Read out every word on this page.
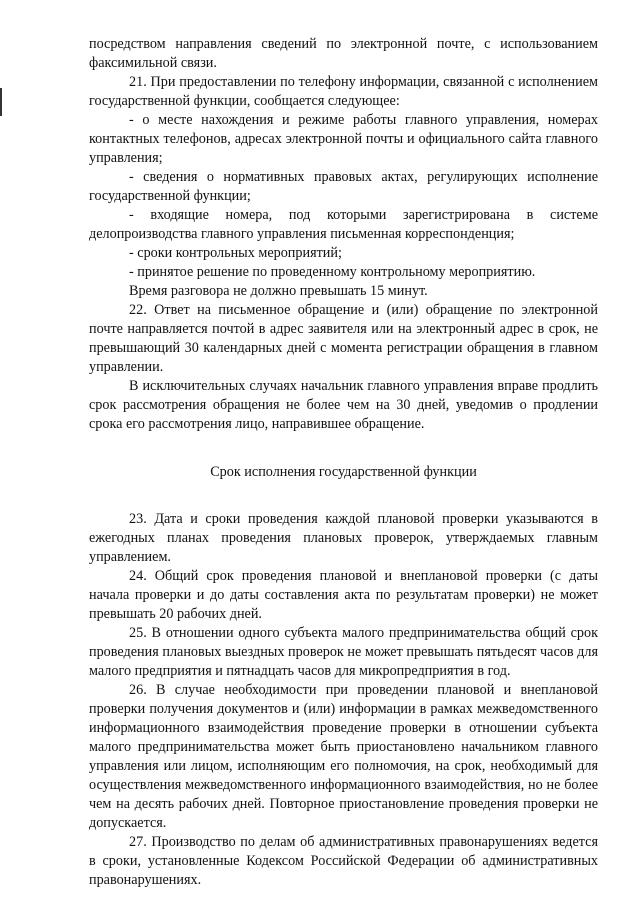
посредством направления сведений по электронной почте, с использованием факсимильной связи.

21. При предоставлении по телефону информации, связанной с исполнением государственной функции, сообщается следующее:

- о месте нахождения и режиме работы главного управления, номерах контактных телефонов, адресах электронной почты и официального сайта главного управления;

- сведения о нормативных правовых актах, регулирующих исполнение государственной функции;

- входящие номера, под которыми зарегистрирована в системе делопроизводства главного управления письменная корреспонденция;

- сроки контрольных мероприятий;

- принятое решение по проведенному контрольному мероприятию.

Время разговора не должно превышать 15 минут.

22. Ответ на письменное обращение и (или) обращение по электронной почте направляется почтой в адрес заявителя или на электронный адрес в срок, не превышающий 30 календарных дней с момента регистрации обращения в главном управлении.

В исключительных случаях начальник главного управления вправе продлить срок рассмотрения обращения не более чем на 30 дней, уведомив о продлении срока его рассмотрения лицо, направившее обращение.

Срок исполнения государственной функции

23. Дата и сроки проведения каждой плановой проверки указываются в ежегодных планах проведения плановых проверок, утверждаемых главным управлением.

24. Общий срок проведения плановой и внеплановой проверки (с даты начала проверки и до даты составления акта по результатам проверки) не может превышать 20 рабочих дней.

25. В отношении одного субъекта малого предпринимательства общий срок проведения плановых выездных проверок не может превышать пятьдесят часов для малого предприятия и пятнадцать часов для микропредприятия в год.

26. В случае необходимости при проведении плановой и внеплановой проверки получения документов и (или) информации в рамках межведомственного информационного взаимодействия проведение проверки в отношении субъекта малого предпринимательства может быть приостановлено начальником главного управления или лицом, исполняющим его полномочия, на срок, необходимый для осуществления межведомственного информационного взаимодействия, но не более чем на десять рабочих дней. Повторное приостановление проведения проверки не допускается.

27. Производство по делам об административных правонарушениях ведется в сроки, установленные Кодексом Российской Федерации об административных правонарушениях.
